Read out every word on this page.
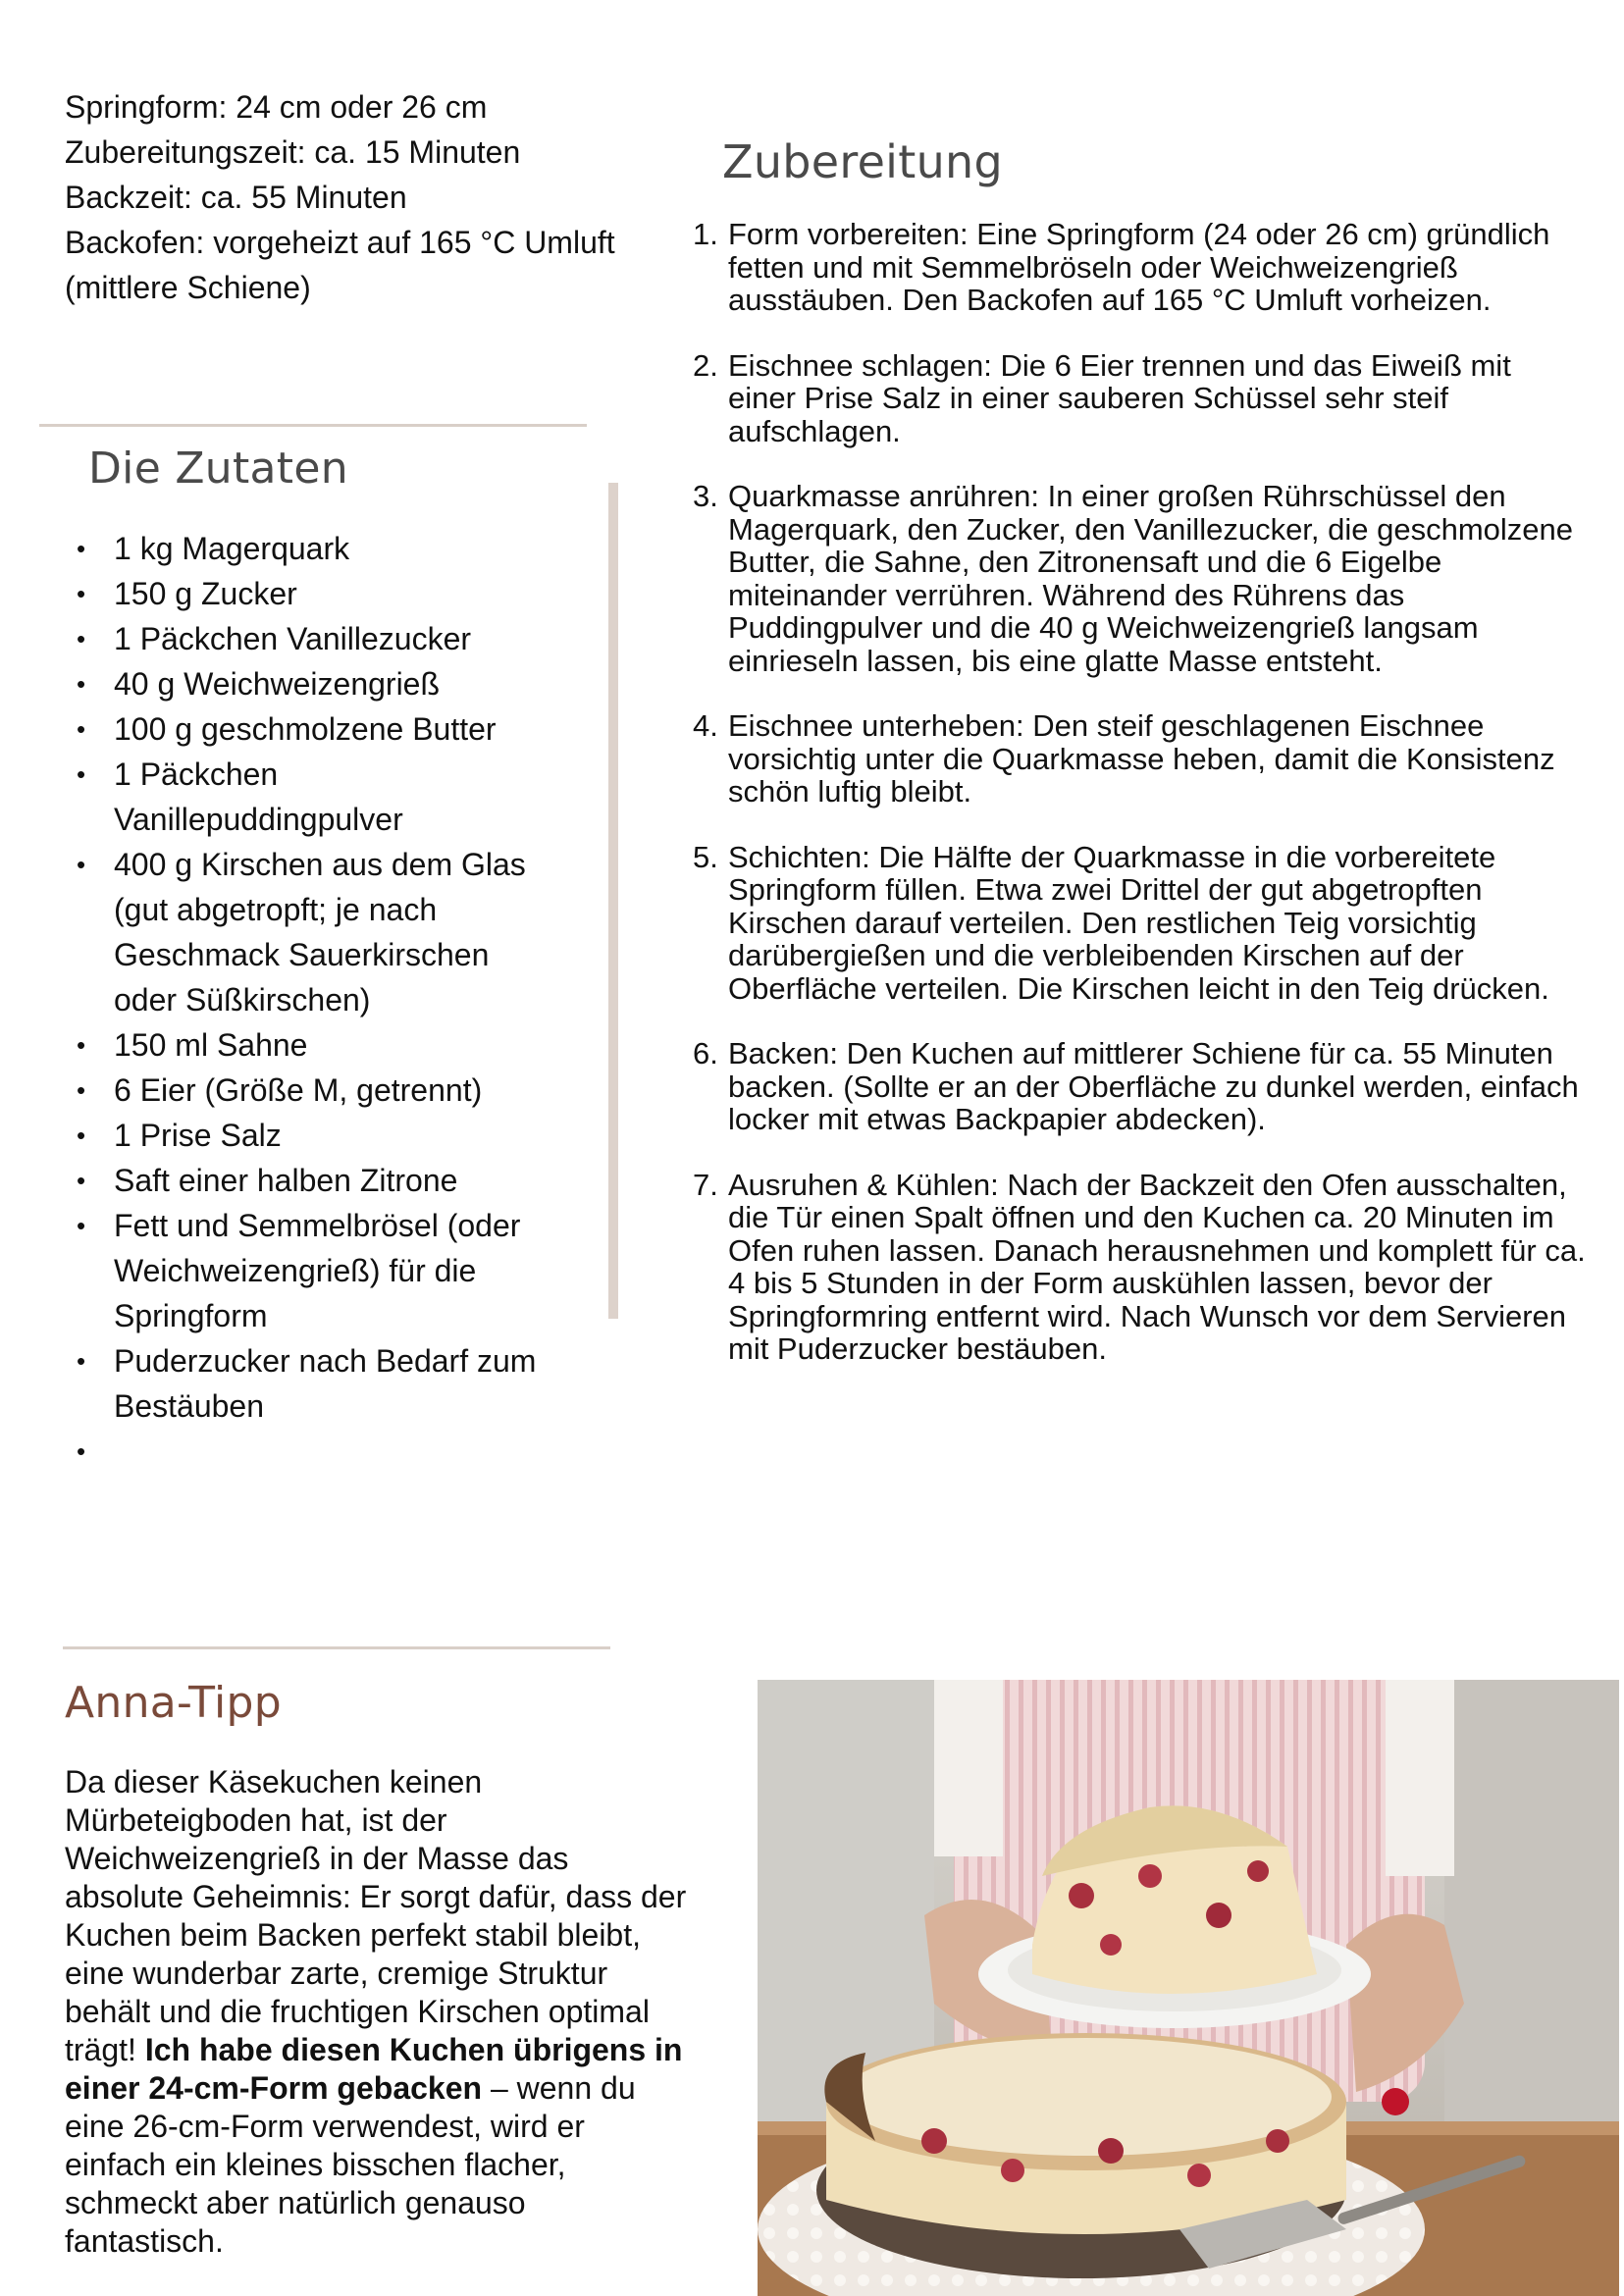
Springform: 24 cm oder 26 cm
Zubereitungszeit: ca. 15 Minuten
Backzeit: ca. 55 Minuten
Backofen: vorgeheizt auf 165 °C Umluft
(mittlere Schiene)
Die Zutaten
• 1 kg Magerquark
• 150 g Zucker
• 1 Päckchen Vanillezucker
• 40 g Weichweizengrieß
• 100 g geschmolzene Butter
• 1 Päckchen
Vanillepuddingpulver
• 400 g Kirschen aus dem Glas
(gut abgetropft; je nach
Geschmack Sauerkirschen
oder Süßkirschen)
• 150 ml Sahne
• 6 Eier (Größe M, getrennt)
• 1 Prise Salz
• Saft einer halben Zitrone
• Fett und Semmelbrösel (oder
Weichweizengrieß) für die
Springform
• Puderzucker nach Bedarf zum
Bestäuben
Zubereitung
1. Form vorbereiten: Eine Springform (24 oder 26 cm) gründlich fetten und mit Semmelbröseln oder Weichweizengrieß ausstäuben. Den Backofen auf 165 °C Umluft vorheizen.
2. Eischnee schlagen: Die 6 Eier trennen und das Eiweiß mit einer Prise Salz in einer sauberen Schüssel sehr steif aufschlagen.
3. Quarkmasse anrühren: In einer großen Rührschüssel den Magerquark, den Zucker, den Vanillezucker, die geschmolzene Butter, die Sahne, den Zitronensaft und die 6 Eigelbe miteinander verrühren. Während des Rührens das Puddingpulver und die 40 g Weichweizengrieß langsam einrieseln lassen, bis eine glatte Masse entsteht.
4. Eischnee unterheben: Den steif geschlagenen Eischnee vorsichtig unter die Quarkmasse heben, damit die Konsistenz schön luftig bleibt.
5. Schichten: Die Hälfte der Quarkmasse in die vorbereitete Springform füllen. Etwa zwei Drittel der gut abgetropften Kirschen darauf verteilen. Den restlichen Teig vorsichtig darübergießen und die verbleibenden Kirschen auf der Oberfläche verteilen. Die Kirschen leicht in den Teig drücken.
6. Backen: Den Kuchen auf mittlerer Schiene für ca. 55 Minuten backen. (Sollte er an der Oberfläche zu dunkel werden, einfach locker mit etwas Backpapier abdecken).
7. Ausruhen & Kühlen: Nach der Backzeit den Ofen ausschalten, die Tür einen Spalt öffnen und den Kuchen ca. 20 Minuten im Ofen ruhen lassen. Danach herausnehmen und komplett für ca. 4 bis 5 Stunden in der Form auskühlen lassen, bevor der Springformring entfernt wird. Nach Wunsch vor dem Servieren mit Puderzucker bestäuben.
Anna-Tipp
Da dieser Käsekuchen keinen Mürbeteigboden hat, ist der Weichweizengrieß in der Masse das absolute Geheimnis: Er sorgt dafür, dass der Kuchen beim Backen perfekt stabil bleibt, eine wunderbar zarte, cremige Struktur behält und die fruchtigen Kirschen optimal trägt! Ich habe diesen Kuchen übrigens in einer 24-cm-Form gebacken – wenn du eine 26-cm-Form verwendest, wird er einfach ein kleines bisschen flacher, schmeckt aber natürlich genauso fantastisch.
